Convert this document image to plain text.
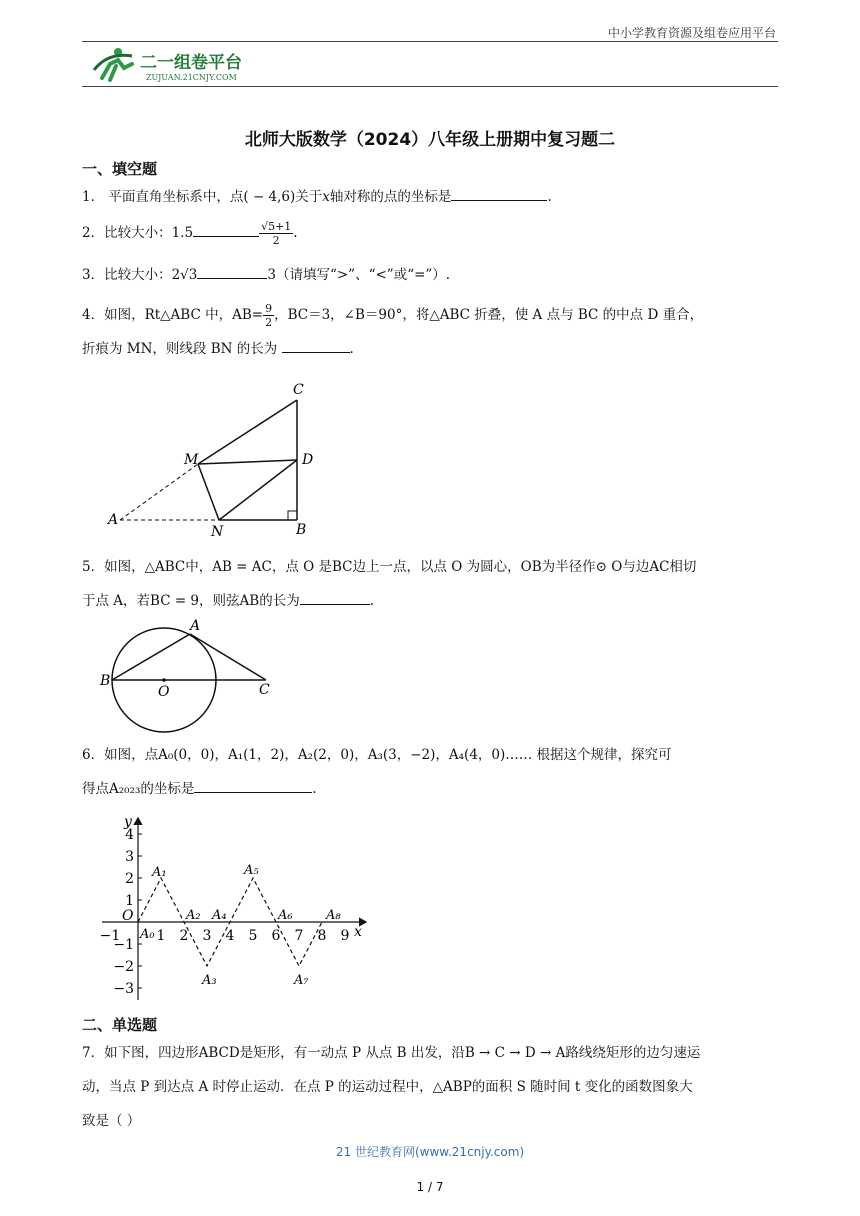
中小学教育资源及组卷应用平台
二一组卷平台
ZUJUAN.21CNJY.COM
北师大版数学（2024）八年级上册期中复习题二
一、填空题
1． 平面直角坐标系中，点( − 4,6)关于x轴对称的点的坐标是	.
2．比较大小：1.5	$\frac{√5+1}{2}$ .
3．比较大小：2√3	3（请填写“>”、“<”或“=”）.
4．如图，Rt△ABC 中，$AB= \frac{9}{2}$ ，BC＝3，∠B＝90°，将△ABC 折叠，使 A 点与 BC 的中点 D 重合，
折痕为 MN，则线段 BN 的长为	.
A
B
C
D
M
N
5．如图，△ABC中，AB = AC，点 O 是BC边上一点，以点 O 为圆心，OB为半径作⊙ O与边AC相切
于点 A，若BC = 9，则弦AB的长为	.
B
A
C
O
6．如图，点A₀(0，0)，A₁(1，2)，A₂(2，0)，A₃(3，−2)，A₄(4，0)…… 根据这个规律，探究可
得点A₂₀₂₃的坐标是	.
4
3
2
1
−1
−2
−3
−1	1 2 3 4 5 6 7 8 9 x
y
O
A₀
A₁
A₂
A₃
A₄
A₅
A₆
A₇
A₈
二、单选题
7．如下图，四边形ABCD是矩形，有一动点 P 从点 B 出发，沿B → C → D → A路线绕矩形的边匀速运
动，当点 P 到达点 A 时停止运动．在点 P 的运动过程中，△ABP的面积 S 随时间 t 变化的函数图象大
致是（ ）
21 世纪教育网(www.21cnjy.com)
1 / 7
